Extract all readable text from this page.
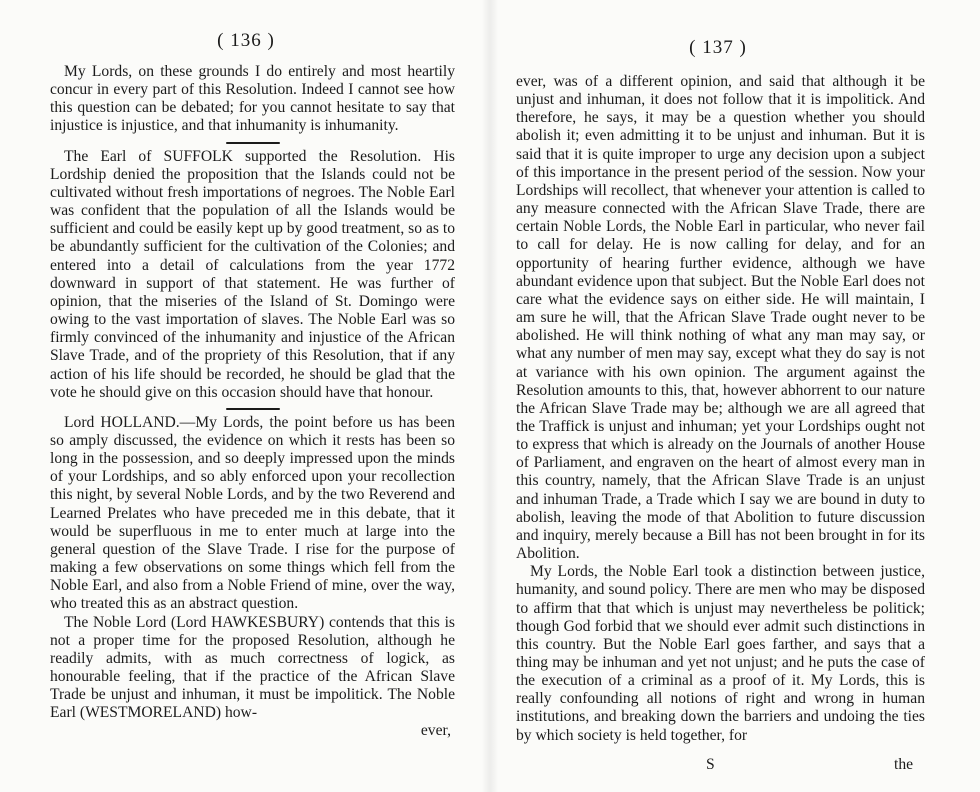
( 136 )

My Lords, on these grounds I do entirely and most heartily concur in every part of this Resolution. Indeed I cannot see how this question can be debated; for you cannot hesitate to say that injustice is injustice, and that inhumanity is inhumanity.

The Earl of SUFFOLK supported the Resolution. His Lordship denied the proposition that the Islands could not be cultivated without fresh importations of negroes. The Noble Earl was confident that the population of all the Islands would be sufficient and could be easily kept up by good treatment, so as to be abundantly sufficient for the cultivation of the Colonies; and entered into a detail of calculations from the year 1772 downward in support of that statement. He was further of opinion, that the miseries of the Island of St. Domingo were owing to the vast importation of slaves. The Noble Earl was so firmly convinced of the inhumanity and injustice of the African Slave Trade, and of the propriety of this Resolution, that if any action of his life should be recorded, he should be glad that the vote he should give on this occasion should have that honour.

Lord HOLLAND.—My Lords, the point before us has been so amply discussed, the evidence on which it rests has been so long in the possession, and so deeply impressed upon the minds of your Lordships, and so ably enforced upon your recollection this night, by several Noble Lords, and by the two Reverend and Learned Prelates who have preceded me in this debate, that it would be superfluous in me to enter much at large into the general question of the Slave Trade. I rise for the purpose of making a few observations on some things which fell from the Noble Earl, and also from a Noble Friend of mine, over the way, who treated this as an abstract question.

The Noble Lord (Lord HAWKESBURY) contends that this is not a proper time for the proposed Resolution, although he readily admits, with as much correctness of logick, as honourable feeling, that if the practice of the African Slave Trade be unjust and inhuman, it must be impolitick. The Noble Earl (WESTMORELAND) how-

ever,
( 137 )

ever, was of a different opinion, and said that although it be unjust and inhuman, it does not follow that it is impolitick. And therefore, he says, it may be a question whether you should abolish it; even admitting it to be unjust and inhuman. But it is said that it is quite improper to urge any decision upon a subject of this importance in the present period of the session. Now your Lordships will recollect, that whenever your attention is called to any measure connected with the African Slave Trade, there are certain Noble Lords, the Noble Earl in particular, who never fail to call for delay. He is now calling for delay, and for an opportunity of hearing further evidence, although we have abundant evidence upon that subject. But the Noble Earl does not care what the evidence says on either side. He will maintain, I am sure he will, that the African Slave Trade ought never to be abolished. He will think nothing of what any man may say, or what any number of men may say, except what they do say is not at variance with his own opinion. The argument against the Resolution amounts to this, that, however abhorrent to our nature the African Slave Trade may be; although we are all agreed that the Traffick is unjust and inhuman; yet your Lordships ought not to express that which is already on the Journals of another House of Parliament, and engraven on the heart of almost every man in this country, namely, that the African Slave Trade is an unjust and inhuman Trade, a Trade which I say we are bound in duty to abolish, leaving the mode of that Abolition to future discussion and inquiry, merely because a Bill has not been brought in for its Abolition.

My Lords, the Noble Earl took a distinction between justice, humanity, and sound policy. There are men who may be disposed to affirm that that which is unjust may nevertheless be politick; though God forbid that we should ever admit such distinctions in this country. But the Noble Earl goes farther, and says that a thing may be inhuman and yet not unjust; and he puts the case of the execution of a criminal as a proof of it. My Lords, this is really confounding all notions of right and wrong in human institutions, and breaking down the barriers and undoing the ties by which society is held together, for

S	the
